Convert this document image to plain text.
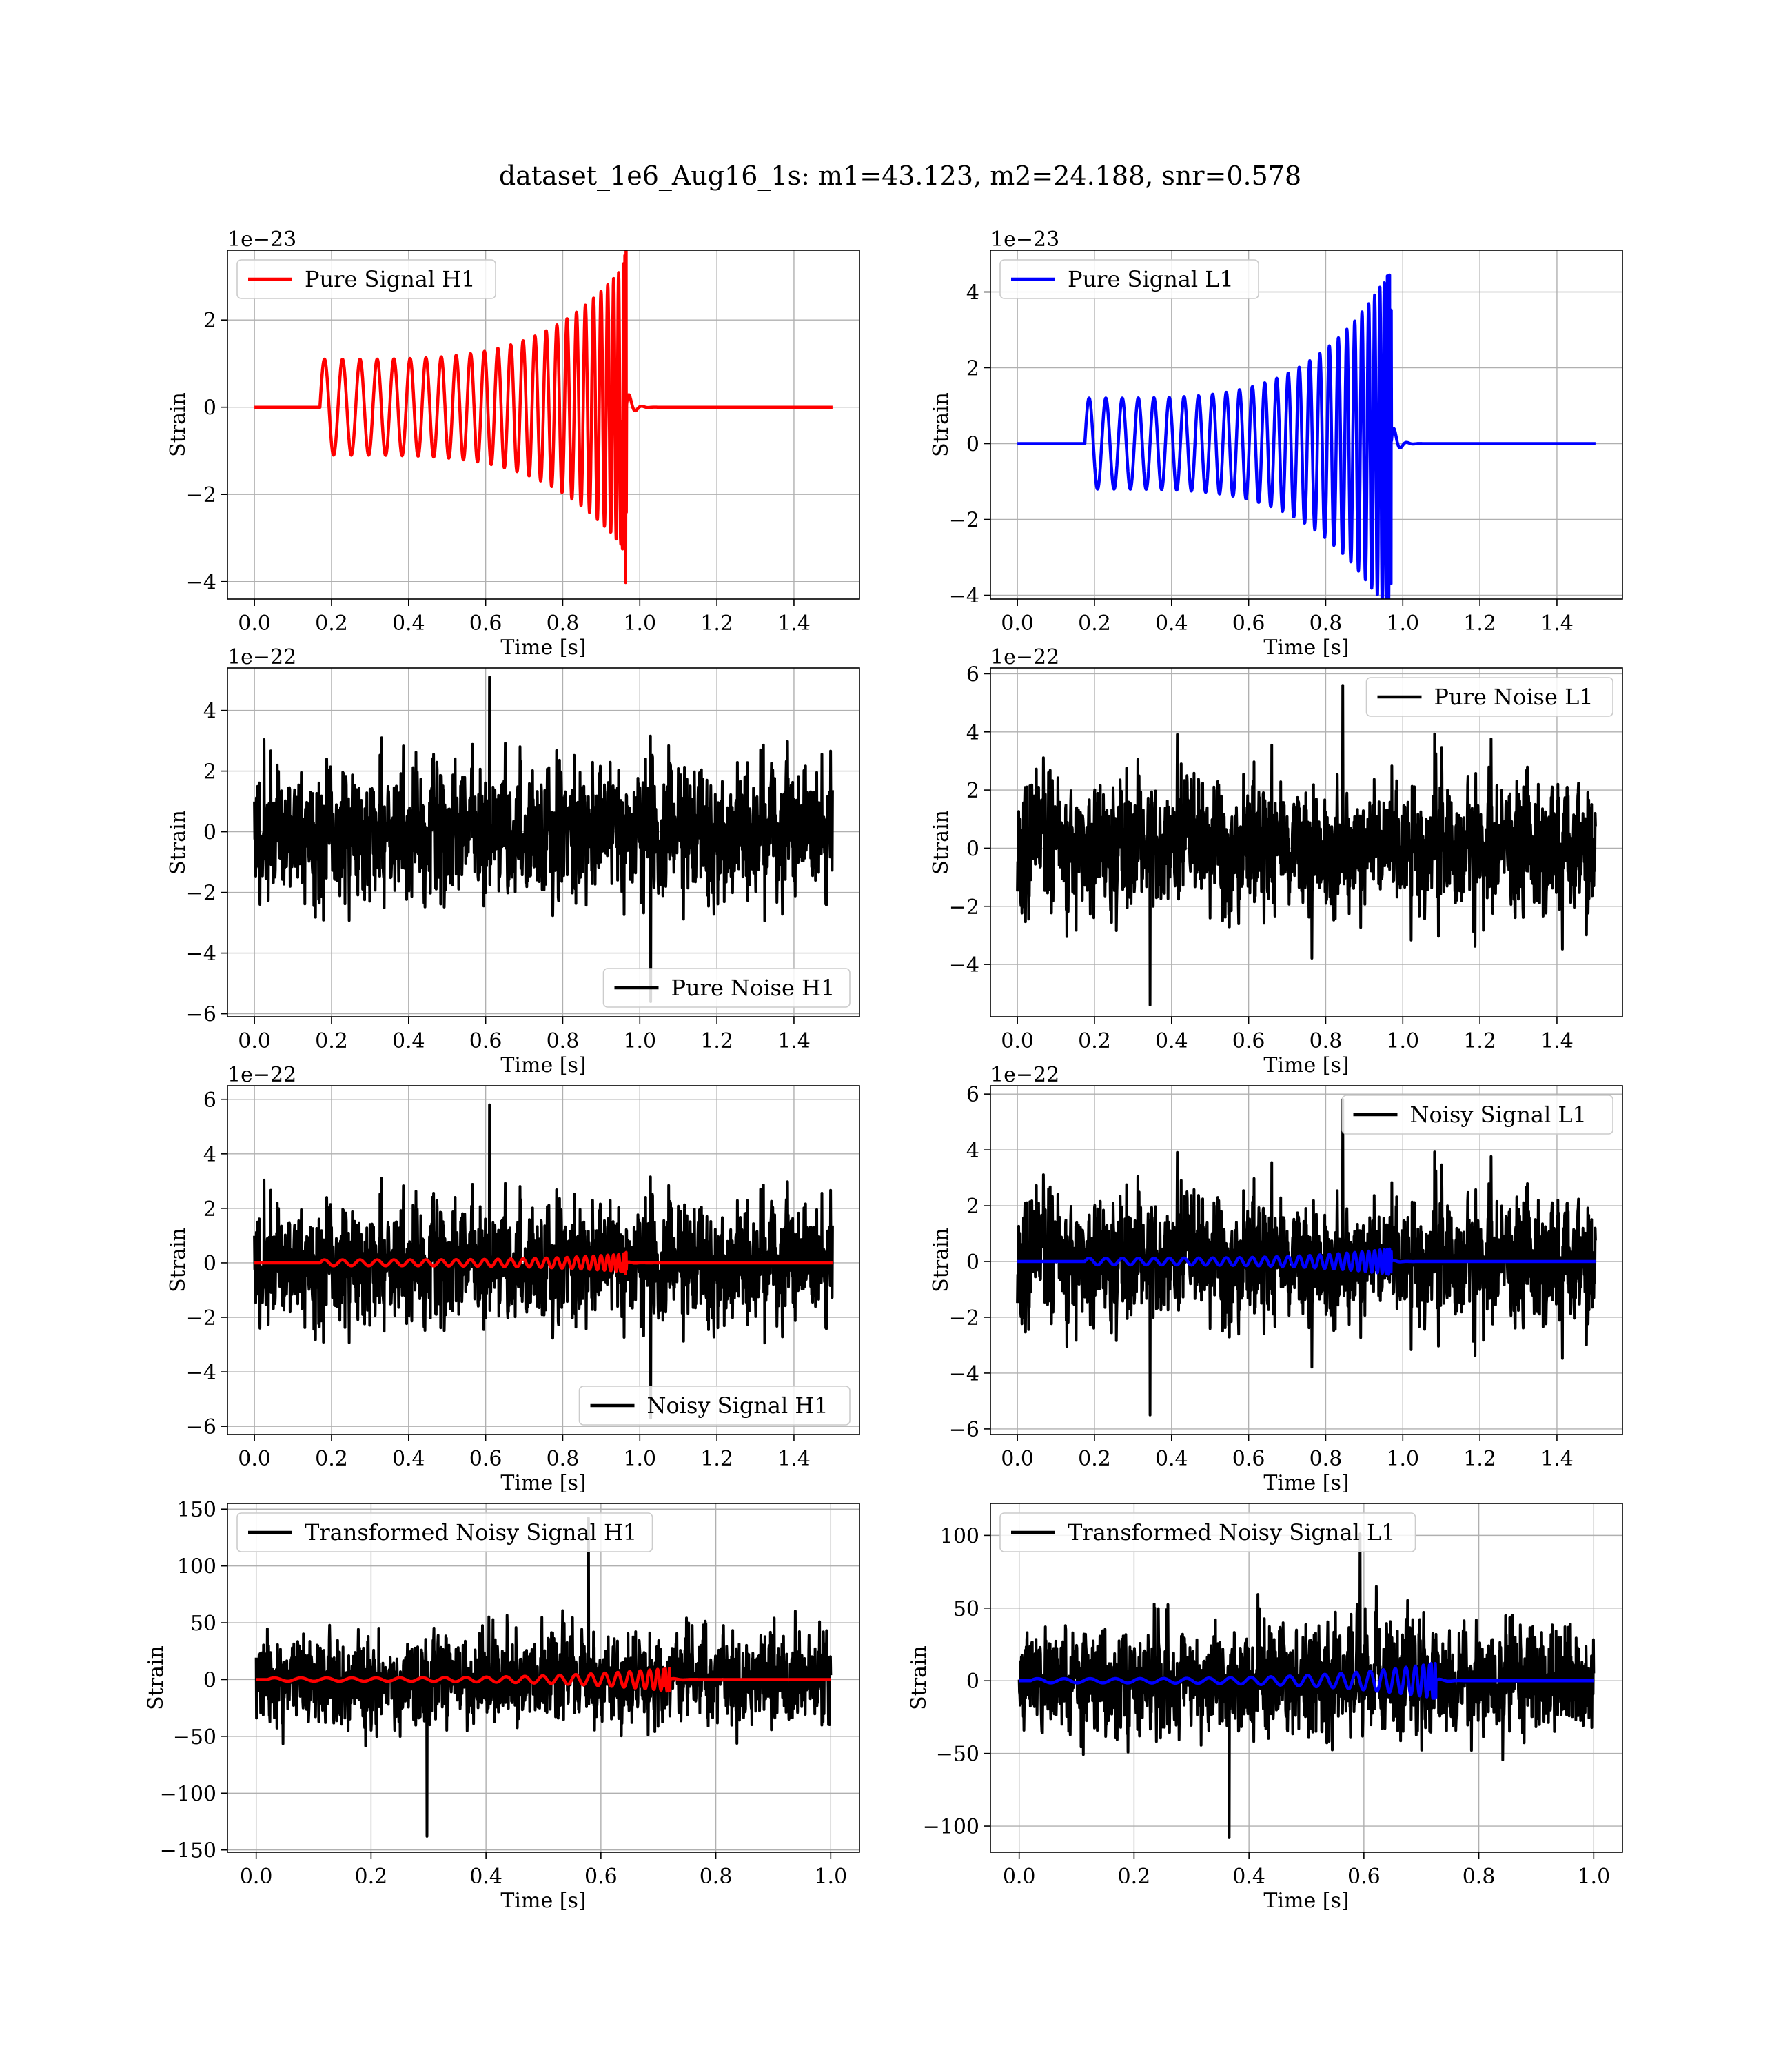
dataset_1e6_Aug16_1s: m1=43.123, m2=24.188, snr=0.578
0.0 0.2 0.4 0.6 0.8 1.0 1.2 1.4
−4
−2
0
2
1e−23
Time [s]
Strain
Pure Signal H1
0.0 0.2 0.4 0.6 0.8 1.0 1.2 1.4
−4
−2
0
2
4
1e−23
Time [s]
Strain
Pure Signal L1
0.0 0.2 0.4 0.6 0.8 1.0 1.2 1.4
−6
−4
−2
0
2
4
1e−22
Time [s]
Strain
Pure Noise H1
0.0 0.2 0.4 0.6 0.8 1.0 1.2 1.4
−4
−2
0
2
4
6
1e−22
Time [s]
Strain
Pure Noise L1
0.0 0.2 0.4 0.6 0.8 1.0 1.2 1.4
−6
−4
−2
0
2
4
6
1e−22
Time [s]
Strain
Noisy Signal H1
0.0 0.2 0.4 0.6 0.8 1.0 1.2 1.4
−6
−4
−2
0
2
4
6
1e−22
Time [s]
Strain
Noisy Signal L1
0.0	0.2	0.4	0.6	0.8	1.0
−150
−100
−50
0
50
100
150
Time [s]
Strain
Transformed Noisy Signal H1
0.0	0.2	0.4	0.6	0.8	1.0
−100
−50
0
50
100
Time [s]
Strain
Transformed Noisy Signal L1
